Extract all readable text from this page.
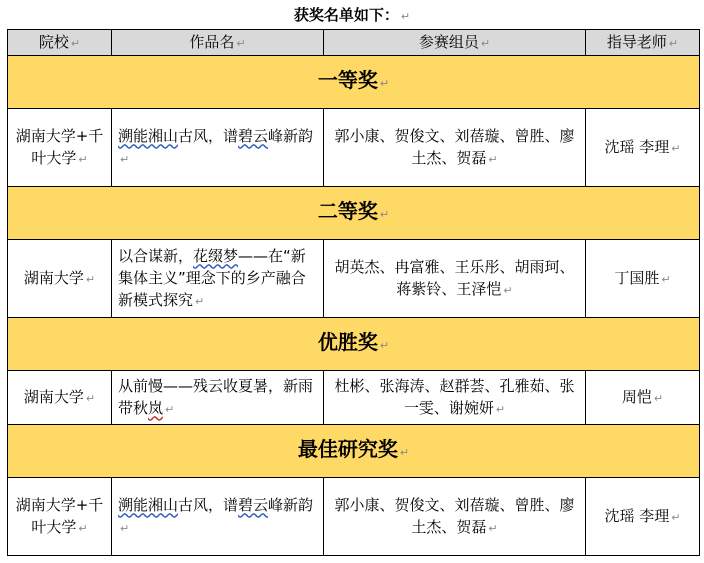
获奖名单如下： ↵
院校 ↵	作品名 ↵	参赛组员 ↵	指导老师 ↵
一等奖 ↵			
湖南大学+千叶大学 ↵	溯能湘山古风，谱碧云峰新韵↵	郭小康、贺俊文、刘蓓璇、曾胜、廖土杰、贺磊 ↵	沈瑶 李理 ↵
二等奖 ↵			
湖南大学 ↵	以合谋新，花缀梦——在“新集体主义”理念下的乡产融合新模式探究 ↵	胡英杰、冉富雅、王乐彤、胡雨珂、蒋紫铃、王泽恺 ↵	丁国胜 ↵
优胜奖 ↵			
湖南大学 ↵	从前慢——残云收夏暑，新雨带秋岚 ↵	杜彬、张海涛、赵群荟、孔雅茹、张一雯、谢婉妍 ↵	周恺 ↵
最佳研究奖 ↵			
湖南大学+千叶大学 ↵	溯能湘山古风，谱碧云峰新韵↵	郭小康、贺俊文、刘蓓璇、曾胜、廖土杰、贺磊 ↵	沈瑶 李理 ↵
